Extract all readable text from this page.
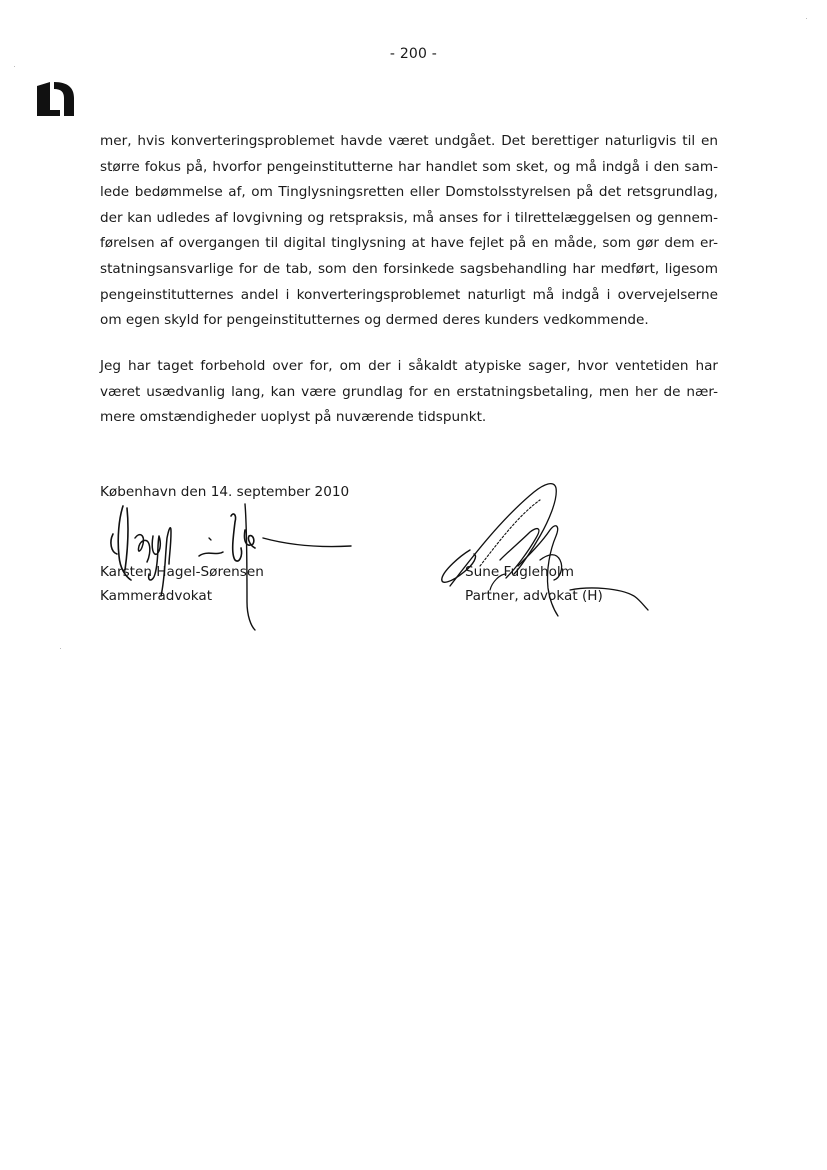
- 200 -
mer, hvis konverteringsproblemet havde været undgået. Det berettiger naturligvis til en
større fokus på, hvorfor pengeinstitutterne har handlet som sket, og må indgå i den sam-
lede bedømmelse af, om Tinglysningsretten eller Domstolsstyrelsen på det retsgrundlag,
der kan udledes af lovgivning og retspraksis, må anses for i tilrettelæggelsen og gennem-
førelsen af overgangen til digital tinglysning at have fejlet på en måde, som gør dem er-
statningsansvarlige for de tab, som den forsinkede sagsbehandling har medført, ligesom
pengeinstitutternes andel i konverteringsproblemet naturligt må indgå i overvejelserne
om egen skyld for pengeinstitutternes og dermed deres kunders vedkommende.
Jeg har taget forbehold over for, om der i såkaldt atypiske sager, hvor ventetiden har
været usædvanlig lang, kan være grundlag for en erstatningsbetaling, men her de nær-
mere omstændigheder uoplyst på nuværende tidspunkt.
København den 14. september 2010
Karsten Hagel-Sørensen
Kammeradvokat
Sune Fugleholm
Partner, advokat (H)
